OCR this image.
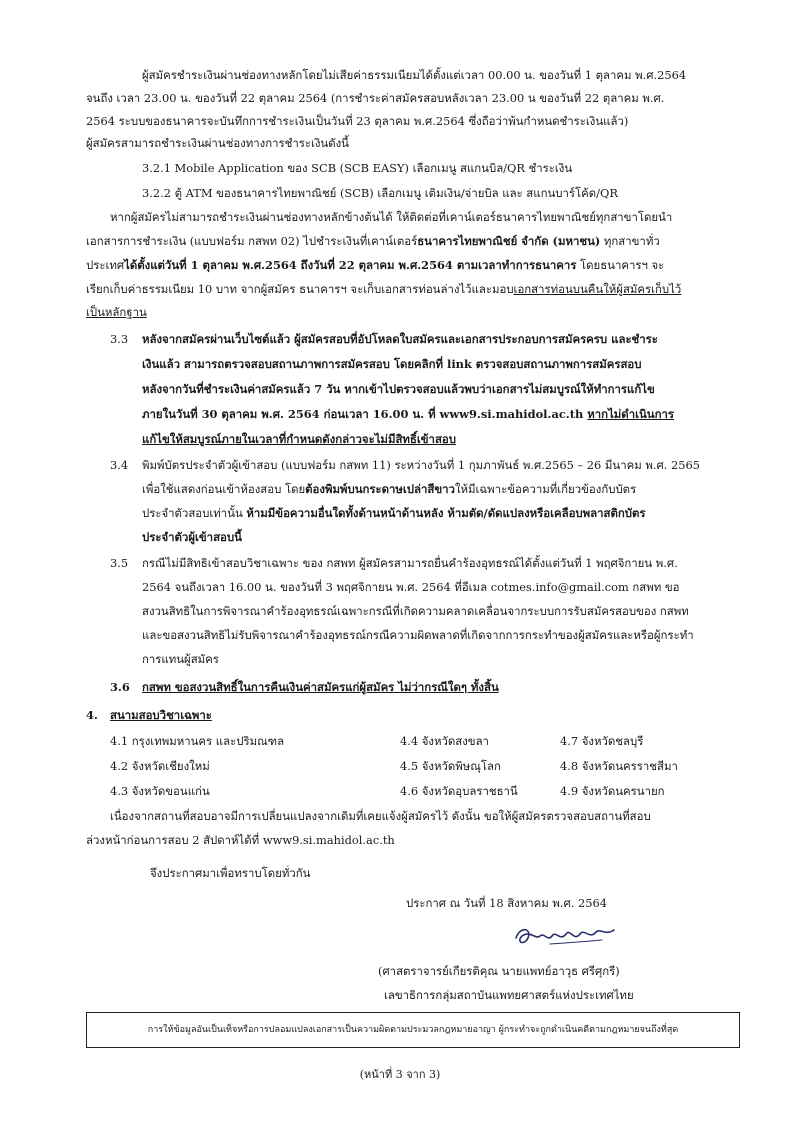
ผู้สมัครชำระเงินผ่านช่องทางหลักโดยไม่เสียค่าธรรมเนียมได้ตั้งแต่เวลา 00.00 น. ของวันที่ 1 ตุลาคม พ.ศ.2564
จนถึง เวลา 23.00 น. ของวันที่ 22 ตุลาคม 2564 (การชำระค่าสมัครสอบหลังเวลา 23.00 น ของวันที่ 22 ตุลาคม พ.ศ.
2564 ระบบของธนาคารจะบันทึกการชำระเงินเป็นวันที่ 23 ตุลาคม พ.ศ.2564 ซึ่งถือว่าพ้นกำหนดชำระเงินแล้ว)
ผู้สมัครสามารถชำระเงินผ่านช่องทางการชำระเงินดังนี้
3.2.1 Mobile Application ของ SCB (SCB EASY) เลือกเมนู สแกนบิล/QR ชำระเงิน
3.2.2 ตู้ ATM ของธนาคารไทยพาณิชย์ (SCB) เลือกเมนู เติมเงิน/จ่ายบิล และ สแกนบาร์โค้ด/QR
หากผู้สมัครไม่สามารถชำระเงินผ่านช่องทางหลักข้างต้นได้ ให้ติดต่อที่เคาน์เตอร์ธนาคารไทยพาณิชย์ทุกสาขาโดยนำ
เอกสารการชำระเงิน (แบบฟอร์ม กสพท 02) ไปชำระเงินที่เคาน์เตอร์ธนาคารไทยพาณิชย์ จำกัด (มหาชน) ทุกสาขาทั่ว
ประเทศได้ตั้งแต่วันที่ 1 ตุลาคม พ.ศ.2564 ถึงวันที่ 22 ตุลาคม พ.ศ.2564 ตามเวลาทำการธนาคาร โดยธนาคารฯ จะ
เรียกเก็บค่าธรรมเนียม 10 บาท จากผู้สมัคร ธนาคารฯ จะเก็บเอกสารท่อนล่างไว้และมอบเอกสารท่อนบนคืนให้ผู้สมัครเก็บไว้
เป็นหลักฐาน
3.3 หลังจากสมัครผ่านเว็บไซต์แล้ว ผู้สมัครสอบที่อัปโหลดใบสมัครและเอกสารประกอบการสมัครครบ และชำระ
เงินแล้ว สามารถตรวจสอบสถานภาพการสมัครสอบ โดยคลิกที่ link ตรวจสอบสถานภาพการสมัครสอบ
หลังจากวันที่ชำระเงินค่าสมัครแล้ว 7 วัน หากเข้าไปตรวจสอบแล้วพบว่าเอกสารไม่สมบูรณ์ให้ทำการแก้ไข
ภายในวันที่ 30 ตุลาคม พ.ศ. 2564 ก่อนเวลา 16.00 น. ที่ www9.si.mahidol.ac.th หากไม่ดำเนินการ
แก้ไขให้สมบูรณ์ภายในเวลาที่กำหนดดังกล่าวจะไม่มีสิทธิ์เข้าสอบ
3.4 พิมพ์บัตรประจำตัวผู้เข้าสอบ (แบบฟอร์ม กสพท 11) ระหว่างวันที่ 1 กุมภาพันธ์ พ.ศ.2565 – 26 มีนาคม พ.ศ. 2565
เพื่อใช้แสดงก่อนเข้าห้องสอบ โดยต้องพิมพ์บนกระดาษเปล่าสีขาวให้มีเฉพาะข้อความที่เกี่ยวข้องกับบัตร
ประจำตัวสอบเท่านั้น ห้ามมีข้อความอื่นใดทั้งด้านหน้าด้านหลัง ห้ามตัด/ดัดแปลงหรือเคลือบพลาสติกบัตร
ประจำตัวผู้เข้าสอบนี้
3.5 กรณีไม่มีสิทธิเข้าสอบวิชาเฉพาะ ของ กสพท ผู้สมัครสามารถยื่นคำร้องอุทธรณ์ได้ตั้งแต่วันที่ 1 พฤศจิกายน พ.ศ.
2564 จนถึงเวลา 16.00 น. ของวันที่ 3 พฤศจิกายน พ.ศ. 2564 ที่อีเมล cotmes.info@gmail.com กสพท ขอ
สงวนสิทธิในการพิจารณาคำร้องอุทธรณ์เฉพาะกรณีที่เกิดความคลาดเคลื่อนจากระบบการรับสมัครสอบของ กสพท
และขอสงวนสิทธิไม่รับพิจารณาคำร้องอุทธรณ์กรณีความผิดพลาดที่เกิดจากการกระทำของผู้สมัครและหรือผู้กระทำ
การแทนผู้สมัคร
3.6 กสพท ขอสงวนสิทธิ์ในการคืนเงินค่าสมัครแก่ผู้สมัคร ไม่ว่ากรณีใดๆ ทั้งสิ้น
4. สนามสอบวิชาเฉพาะ
4.1 กรุงเทพมหานคร และปริมณฑล
4.2 จังหวัดเชียงใหม่
4.3 จังหวัดขอนแก่น
4.4 จังหวัดสงขลา
4.5 จังหวัดพิษณุโลก
4.6 จังหวัดอุบลราชธานี
4.7 จังหวัดชลบุรี
4.8 จังหวัดนครราชสีมา
4.9 จังหวัดนครนายก
เนื่องจากสถานที่สอบอาจมีการเปลี่ยนแปลงจากเดิมที่เคยแจ้งผู้สมัครไว้ ดังนั้น ขอให้ผู้สมัครตรวจสอบสถานที่สอบ
ล่วงหน้าก่อนการสอบ 2 สัปดาห์ได้ที่ www9.si.mahidol.ac.th
จึงประกาศมาเพื่อทราบโดยทั่วกัน
ประกาศ ณ วันที่ 18 สิงหาคม พ.ศ. 2564
(ศาสตราจารย์เกียรติคุณ นายแพทย์อาวุธ ศรีศุกรี)
เลขาธิการกลุ่มสถาบันแพทยศาสตร์แห่งประเทศไทย
การให้ข้อมูลอันเป็นเท็จหรือการปลอมแปลงเอกสารเป็นความผิดตามประมวลกฎหมายอาญา ผู้กระทำจะถูกดำเนินคดีตามกฎหมายจนถึงที่สุด
(หน้าที่ 3 จาก 3)
